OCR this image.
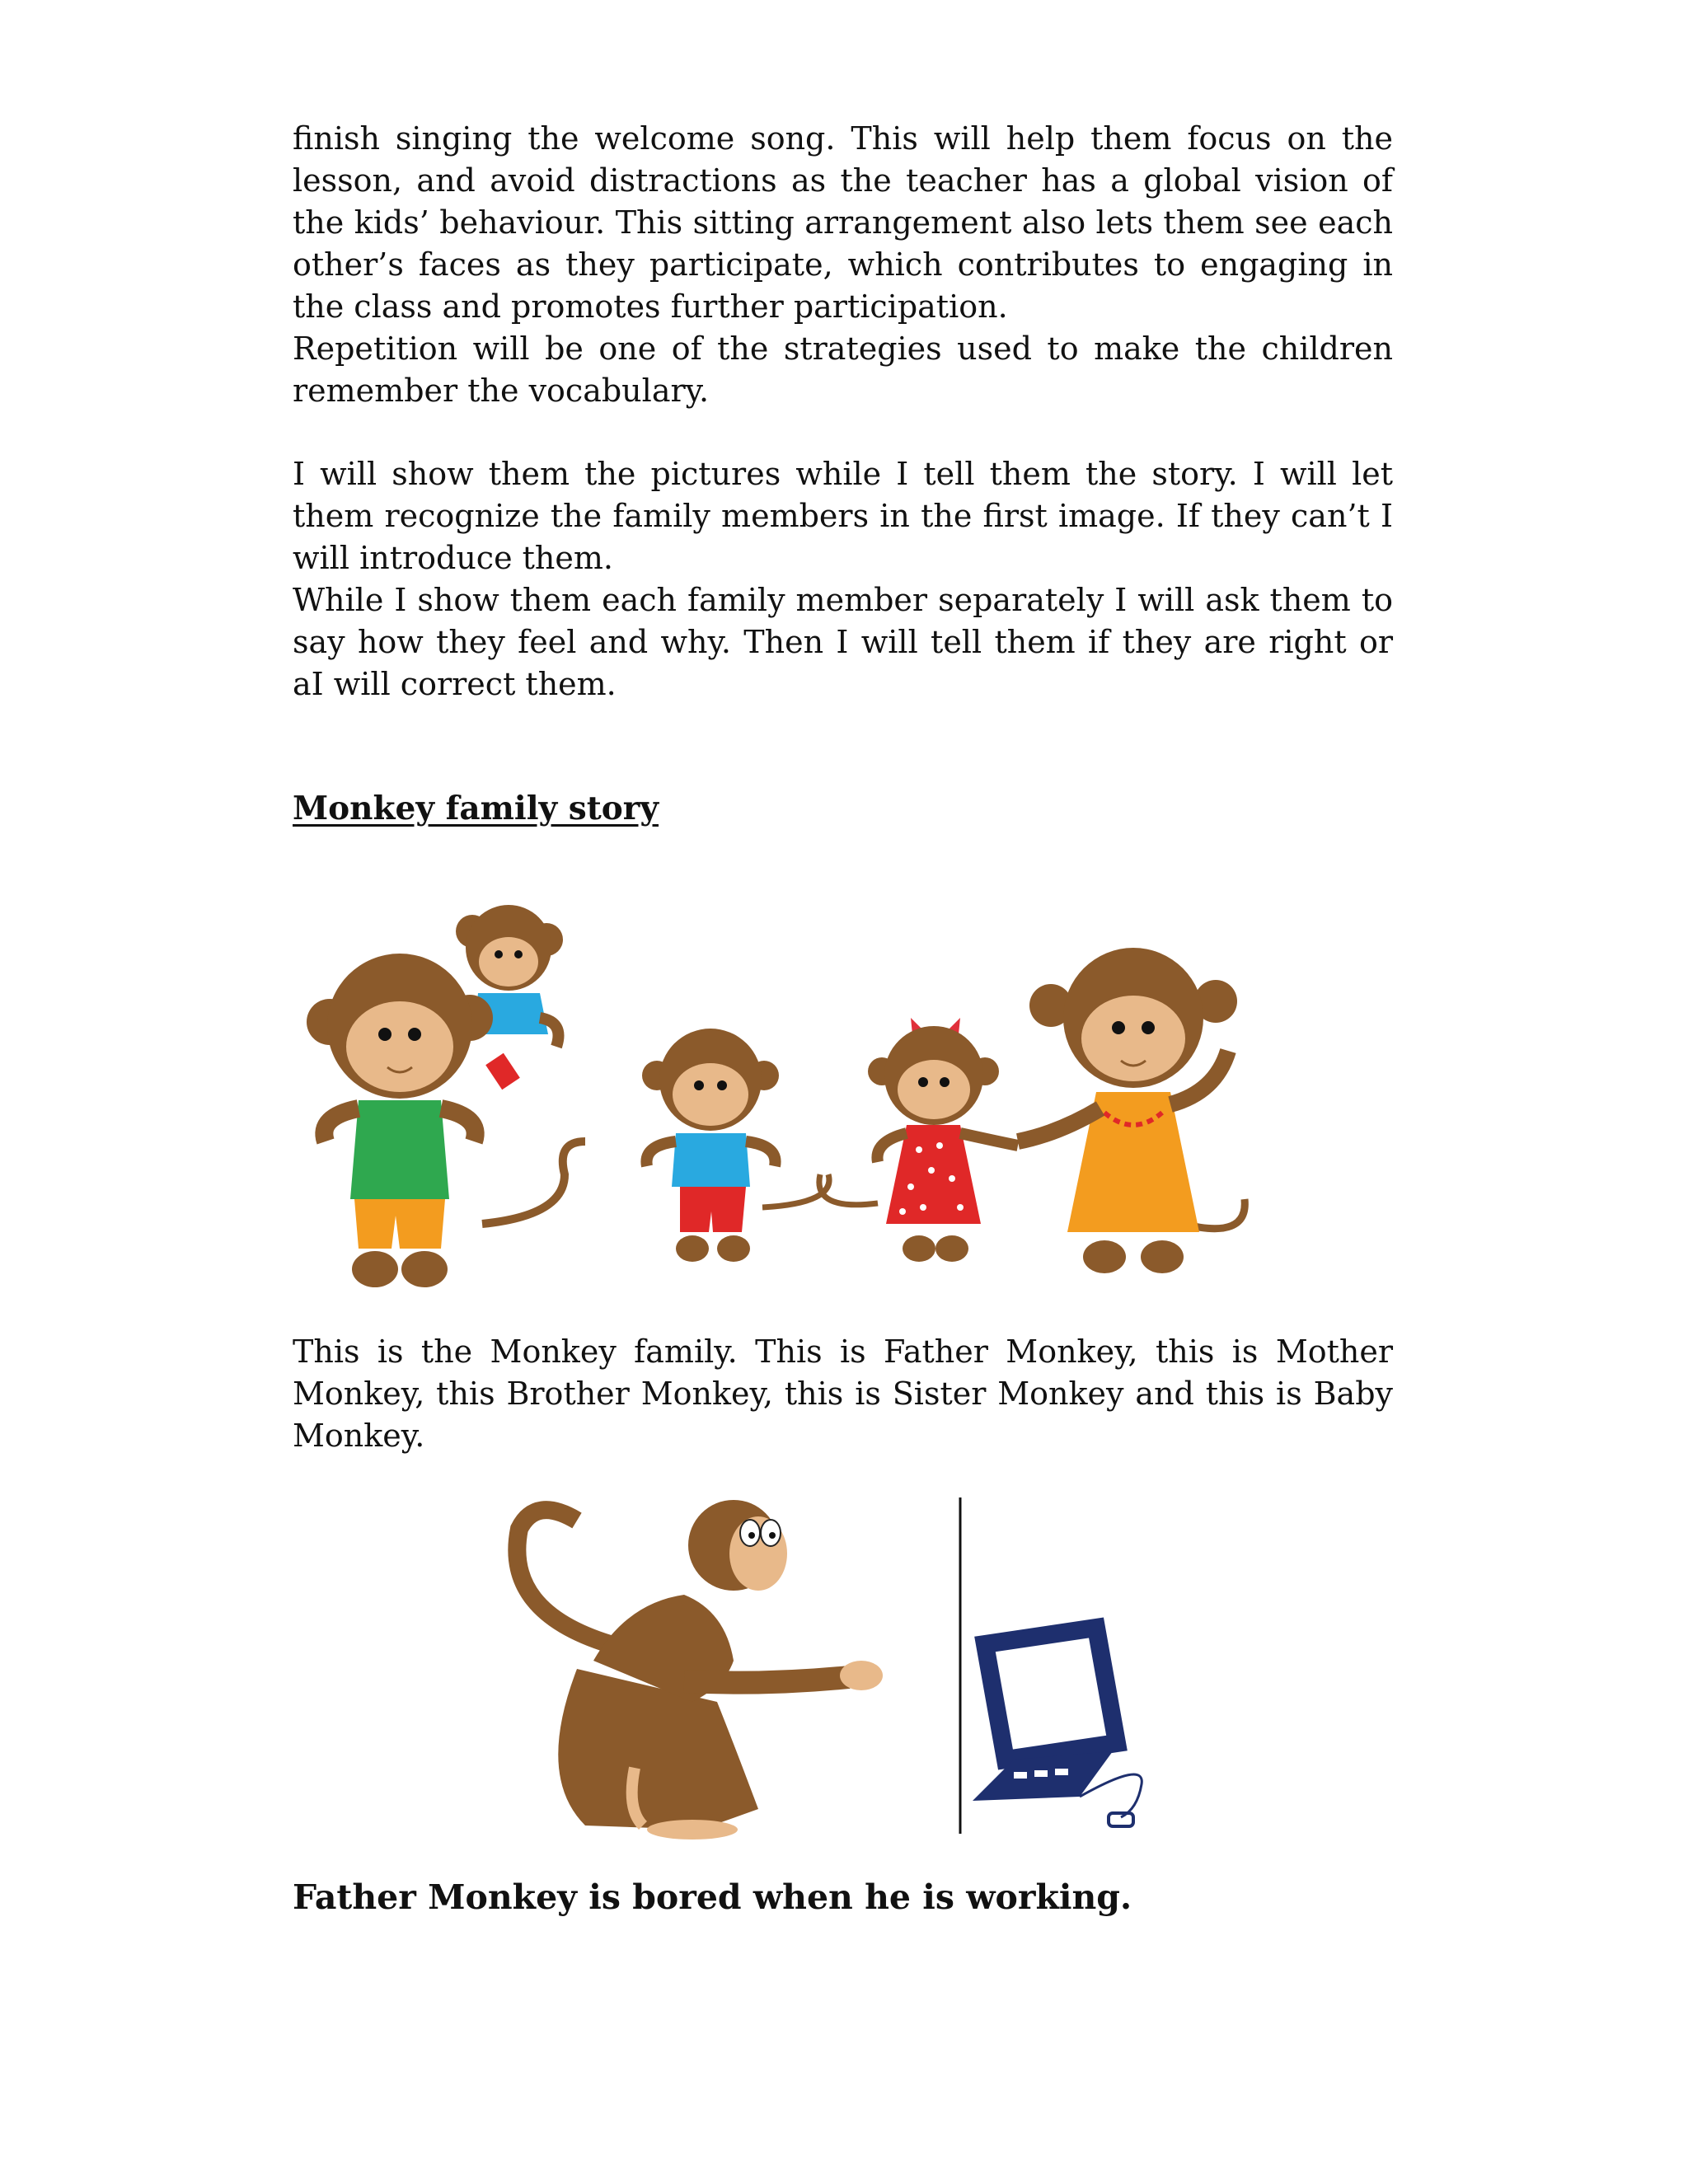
finish singing the welcome song. This will help them focus on the lesson, and avoid distractions as the teacher has a global vision of the kids’ behaviour. This sitting arrangement also lets them see each other’s faces as they participate, which contributes to engaging in the class and promotes further participation.

Repetition will be one of the strategies used to make the children remember the vocabulary.

I will show them the pictures while I tell them the story. I will let them recognize the family members in the first image. If they can’t I will introduce them.

While I show them each family member separately I will ask them to say how they feel and why. Then I will tell them if they are right or aI will correct them.

Monkey family story

This is the Monkey family. This is Father Monkey, this is Mother Monkey, this Brother Monkey, this is Sister Monkey and this is Baby Monkey.

Father Monkey is bored when he is working.
